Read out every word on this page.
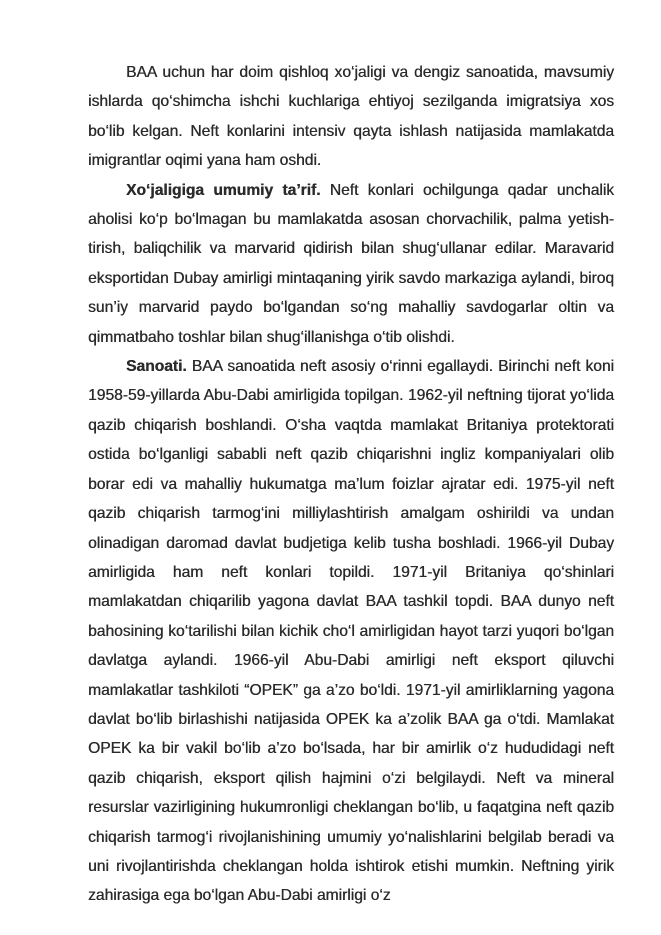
BAA uchun har doim qishloq xo‘jaligi va dengiz sanoatida, mavsumiy ishlarda qo‘shimcha ishchi kuchlariga ehtiyoj sezilganda imigratsiya xos bo‘lib kelgan. Neft konlarini intensiv qayta ishlash natijasida mamlakatda imigrantlar oqimi yana ham oshdi.

Xo‘jaligiga umumiy ta’rif. Neft konlari ochilgunga qadar unchalik aholisi ko‘p bo‘lmagan bu mamlakatda asosan chorvachilik, palma yetish-tirish, baliqchilik va marvarid qidirish bilan shug‘ullanar edilar. Maravarid eksportidan Dubay amirligi mintaqaning yirik savdo markaziga aylandi, biroq sun’iy marvarid paydo bo‘lgandan so‘ng mahalliy savdogarlar oltin va qimmatbaho toshlar bilan shug‘illanishga o‘tib olishdi.

Sanoati. BAA sanoatida neft asosiy o‘rinni egallaydi. Birinchi neft koni 1958-59-yillarda Abu-Dabi amirligida topilgan. 1962-yil neftning tijorat yo‘lida qazib chiqarish boshlandi. O‘sha vaqtda mamlakat Britaniya protektorati ostida bo‘lganligi sababli neft qazib chiqarishni ingliz kompaniyalari olib borar edi va mahalliy hukumatga ma’lum foizlar ajratar edi. 1975-yil neft qazib chiqarish tarmog‘ini milliylashtirish amalgam oshirildi va undan olinadigan daromad davlat budjetiga kelib tusha boshladi. 1966-yil Dubay amirligida ham neft konlari topildi. 1971-yil Britaniya qo‘shinlari mamlakatdan chiqarilib yagona davlat BAA tashkil topdi. BAA dunyo neft bahosining ko‘tarilishi bilan kichik cho‘l amirligidan hayot tarzi yuqori bo‘lgan davlatga aylandi. 1966-yil Abu-Dabi amirligi neft eksport qiluvchi mamlakatlar tashkiloti “OPEK” ga a’zo bo‘ldi. 1971-yil amirliklarning yagona davlat bo‘lib birlashishi natijasida OPEK ka a’zolik BAA ga o‘tdi. Mamlakat OPEK ka bir vakil bo‘lib a’zo bo‘lsada, har bir amirlik o‘z hududidagi neft qazib chiqarish, eksport qilish hajmini o‘zi belgilaydi. Neft va mineral resurslar vazirligining hukumronligi cheklangan bo‘lib, u faqatgina neft qazib chiqarish tarmog‘i rivojlanishining umumiy yo‘nalishlarini belgilab beradi va uni rivojlantirishda cheklangan holda ishtirok etishi mumkin. Neftning yirik zahirasiga ega bo‘lgan Abu-Dabi amirligi o‘z
